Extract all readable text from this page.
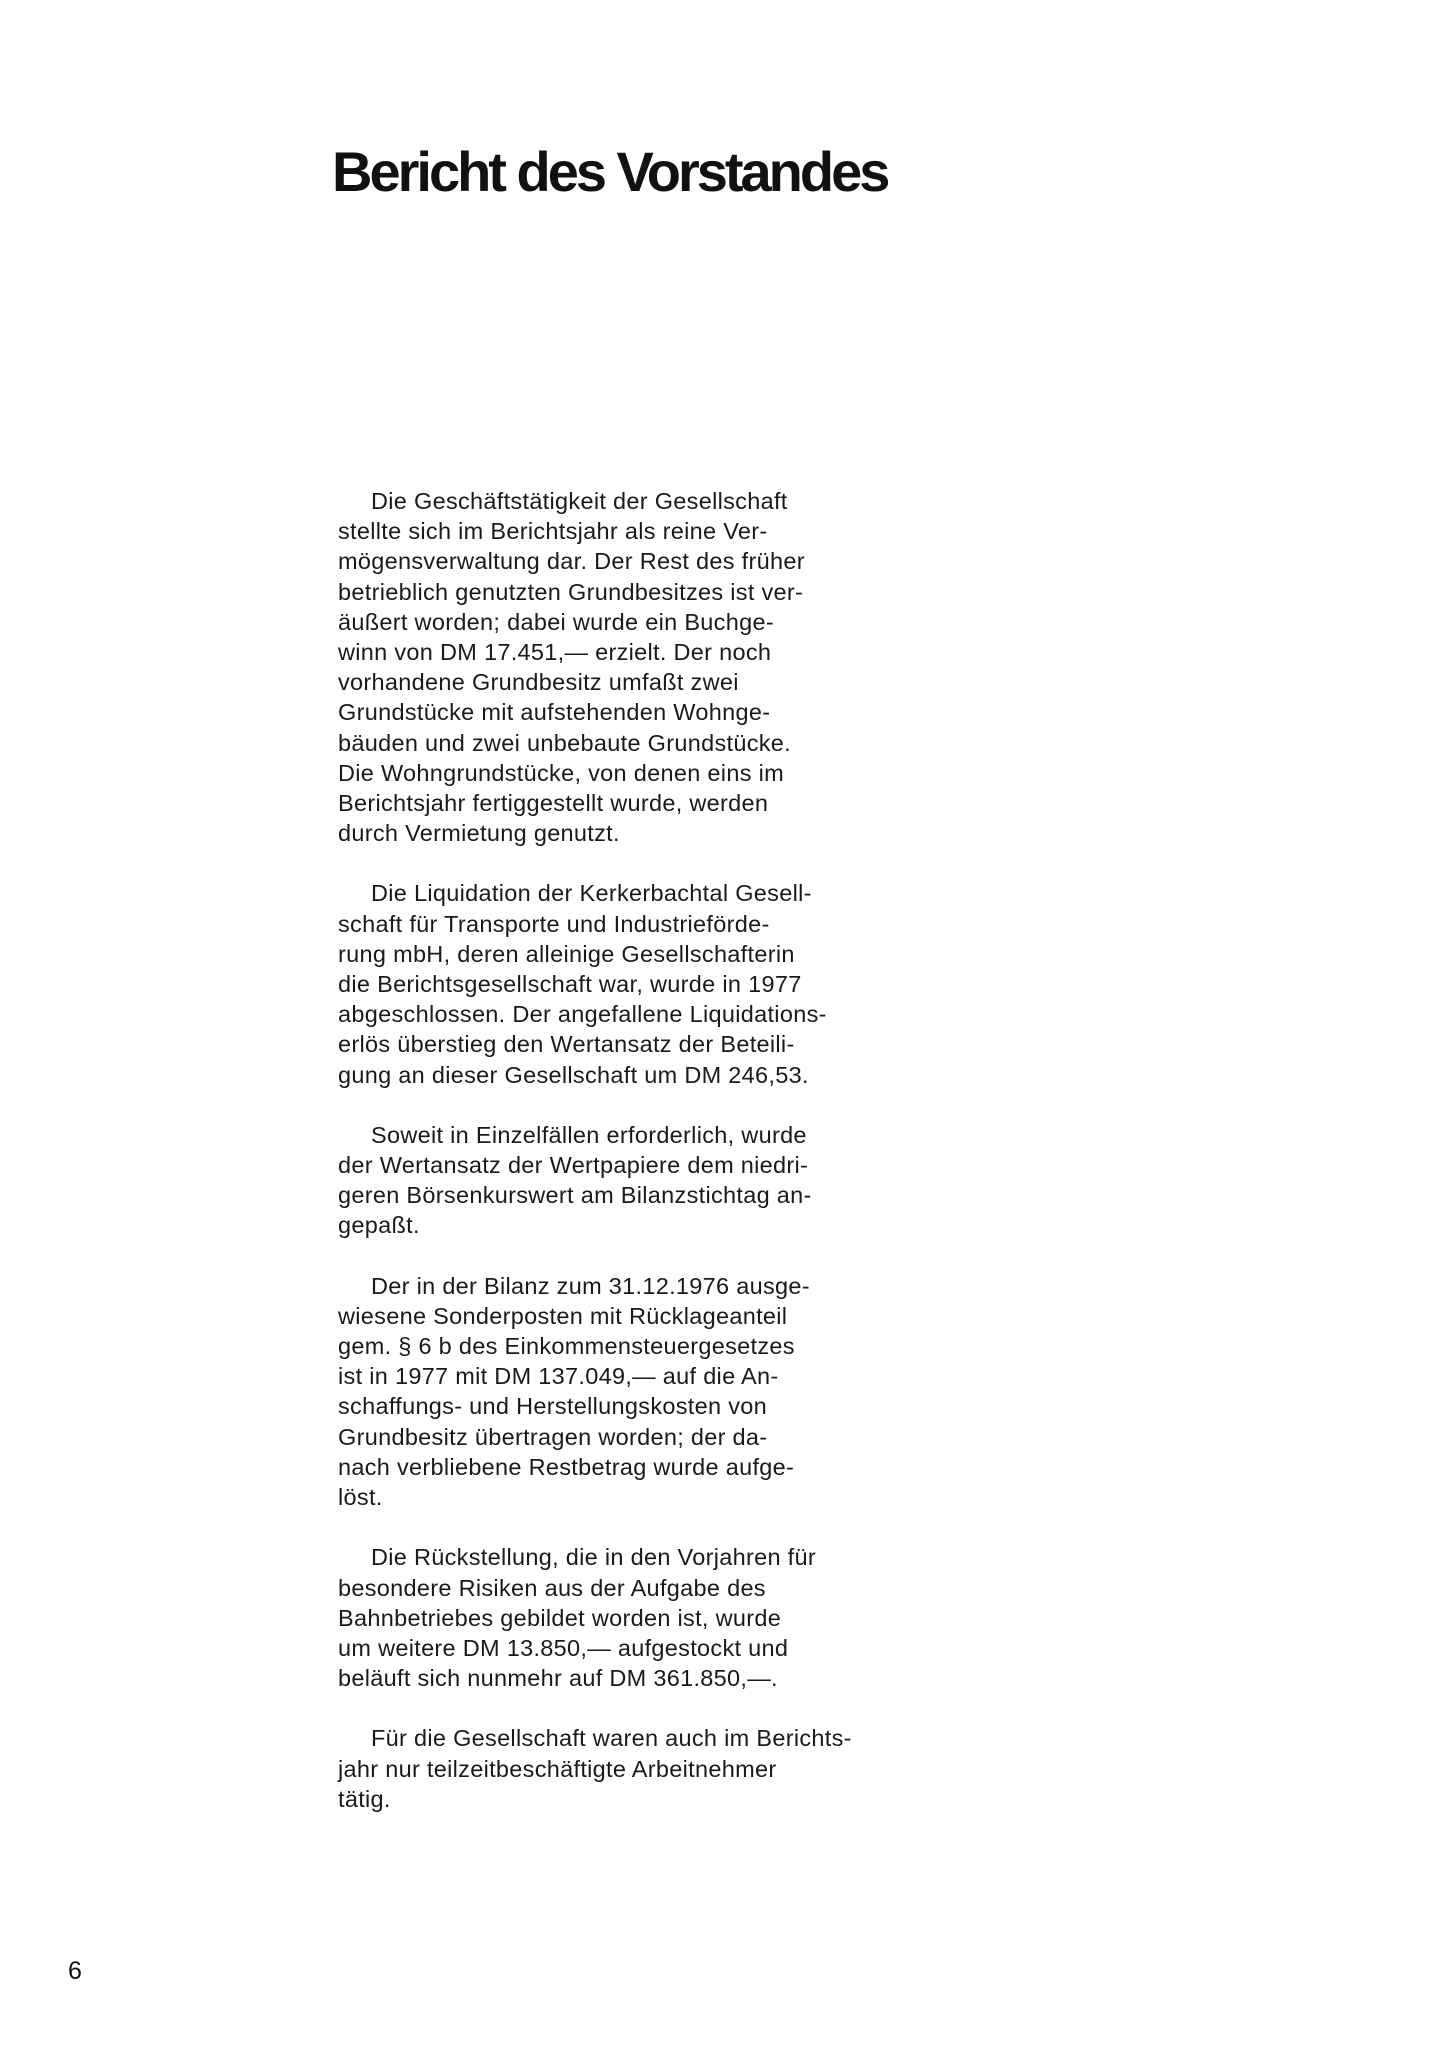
Bericht des Vorstandes

Die Geschäftstätigkeit der Gesellschaft
stellte sich im Berichtsjahr als reine Ver-
mögensverwaltung dar. Der Rest des früher
betrieblich genutzten Grundbesitzes ist ver-
äußert worden; dabei wurde ein Buchge-
winn von DM 17.451,— erzielt. Der noch
vorhandene Grundbesitz umfaßt zwei
Grundstücke mit aufstehenden Wohnge-
bäuden und zwei unbebaute Grundstücke.
Die Wohngrundstücke, von denen eins im
Berichtsjahr fertiggestellt wurde, werden
durch Vermietung genutzt.

Die Liquidation der Kerkerbachtal Gesell-
schaft für Transporte und Industrieförde-
rung mbH, deren alleinige Gesellschafterin
die Berichtsgesellschaft war, wurde in 1977
abgeschlossen. Der angefallene Liquidations-
erlös überstieg den Wertansatz der Beteili-
gung an dieser Gesellschaft um DM 246,53.

Soweit in Einzelfällen erforderlich, wurde
der Wertansatz der Wertpapiere dem niedri-
geren Börsenkurswert am Bilanzstichtag an-
gepaßt.

Der in der Bilanz zum 31.12.1976 ausge-
wiesene Sonderposten mit Rücklageanteil
gem. § 6 b des Einkommensteuergesetzes
ist in 1977 mit DM 137.049,— auf die An-
schaffungs- und Herstellungskosten von
Grundbesitz übertragen worden; der da-
nach verbliebene Restbetrag wurde aufge-
löst.

Die Rückstellung, die in den Vorjahren für
besondere Risiken aus der Aufgabe des
Bahnbetriebes gebildet worden ist, wurde
um weitere DM 13.850,— aufgestockt und
beläuft sich nunmehr auf DM 361.850,—.

Für die Gesellschaft waren auch im Berichts-
jahr nur teilzeitbeschäftigte Arbeitnehmer
tätig.

6
